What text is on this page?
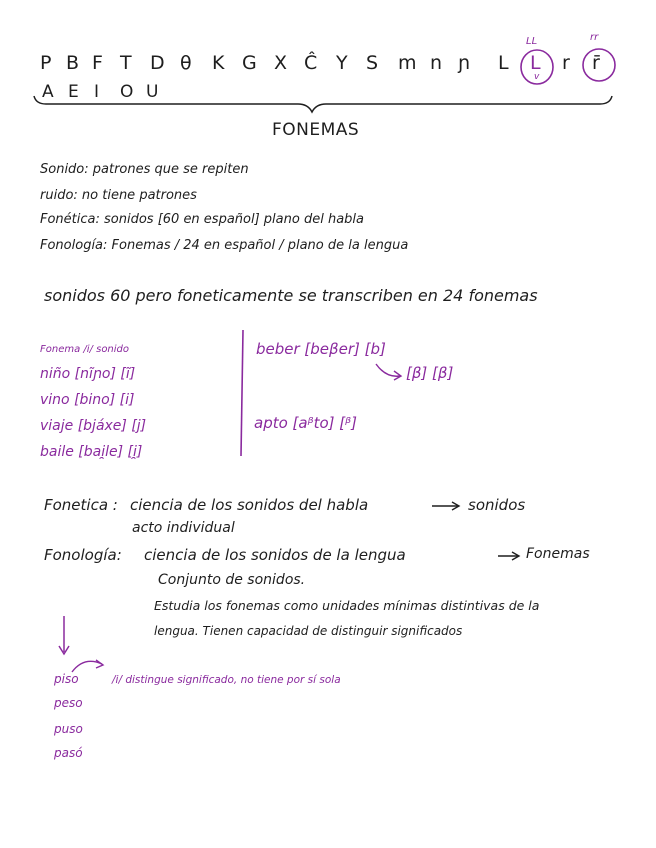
P B F T D θ K G X Ĉ Y S m n ɲ L L r r̄
LL
v
rr
A E I O U
FONEMAS
Sonido: patrones que se repiten
ruido: no tiene patrones
Fonética: sonidos [60 en español] plano del habla
Fonología: Fonemas / 24 en español / plano de la lengua
sonidos 60 pero foneticamente se transcriben en 24 fonemas
Fonema /i/ sonido
niño [nĩɲo] [ĩ]
vino [bino] [i]
viaje [bjáxe] [j]
baile [bai̯le] [i̯]
beber [beβer] [b]
[β] [β]
apto [aᵝto] [ᵝ]
Fonetica : ciencia de los sonidos del habla	sonidos
acto individual
Fonología: ciencia de los sonidos de la lengua	Fonemas
Conjunto de sonidos.
Estudia los fonemas como unidades mínimas distintivas de la
lengua. Tienen capacidad de distinguir significados
piso
peso
puso
pasó
/i/ distingue significado, no tiene por sí sola
